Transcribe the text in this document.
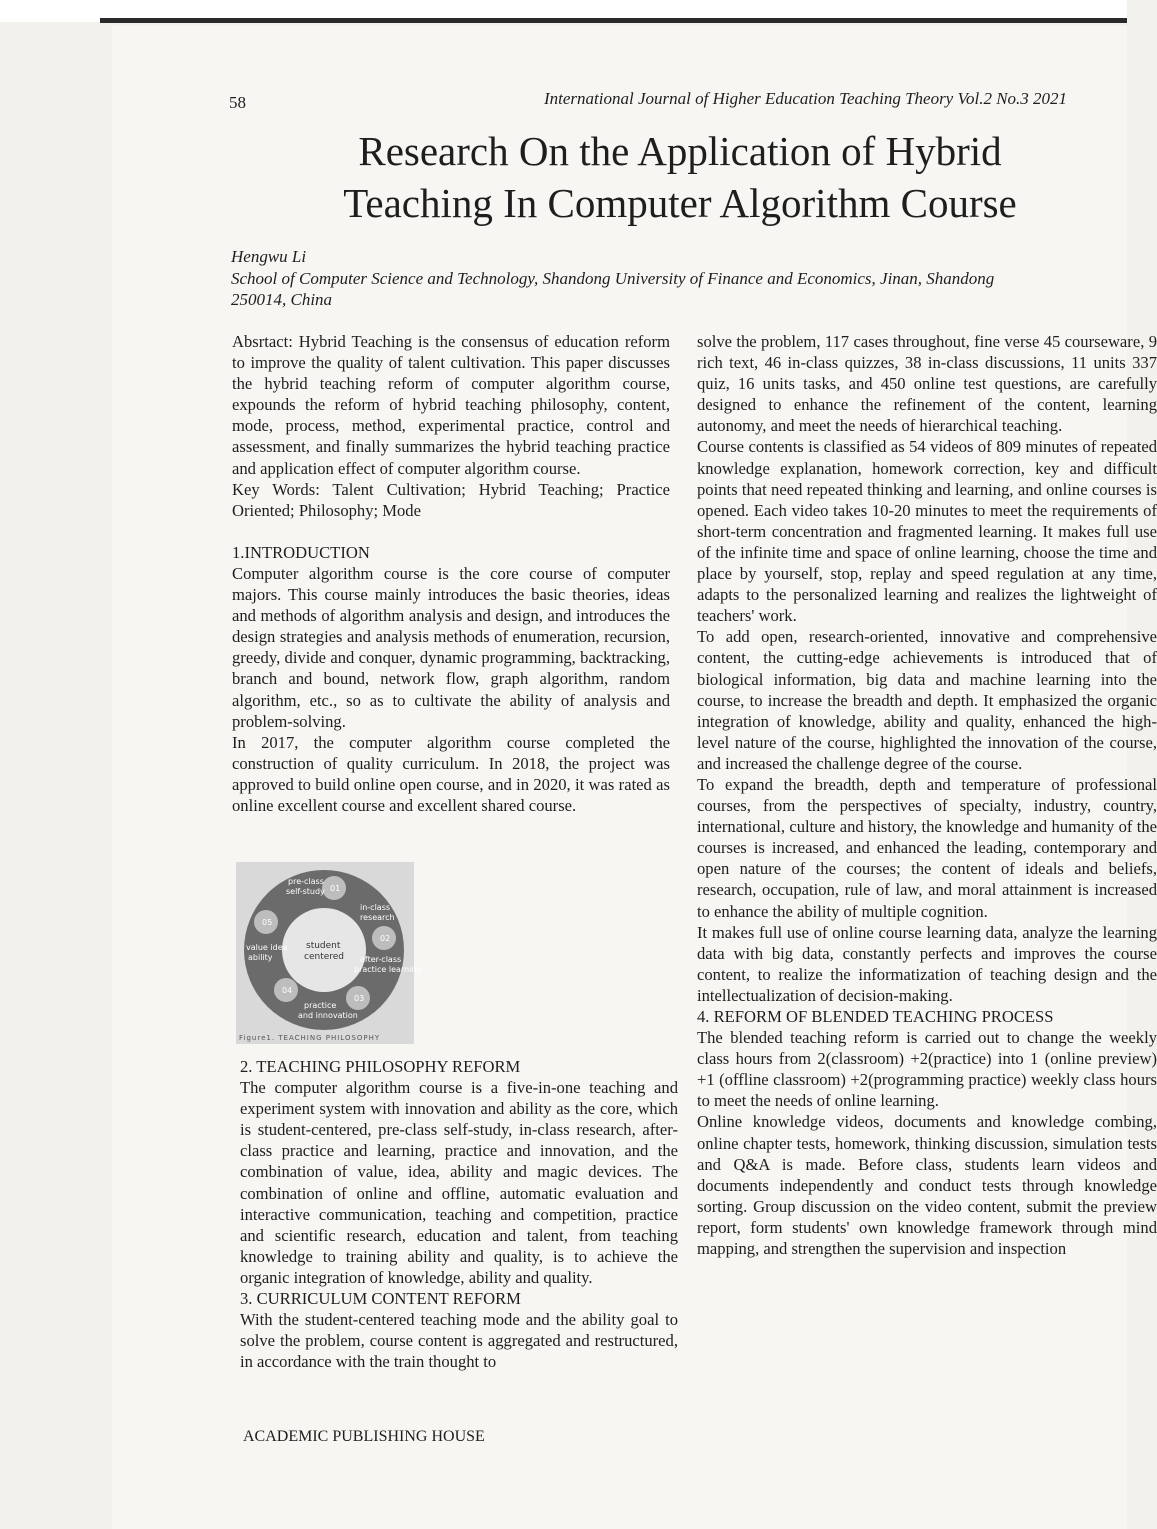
58	International Journal of Higher Education Teaching Theory Vol.2 No.3 2021
Research On the Application of Hybrid
Teaching In Computer Algorithm Course
Hengwu Li
School of Computer Science and Technology, Shandong University of Finance and Economics, Jinan, Shandong
250014, China

Absrtact: Hybrid Teaching is the consensus of education reform to improve the quality of talent cultivation. This paper discusses the hybrid teaching reform of computer algorithm course, expounds the reform of hybrid teaching philosophy, content, mode, process, method, experimental practice, control and assessment, and finally summarizes the hybrid teaching practice and application effect of computer algorithm course.

Key Words: Talent Cultivation; Hybrid Teaching; Practice Oriented; Philosophy; Mode

1.INTRODUCTION

Computer algorithm course is the core course of computer majors. This course mainly introduces the basic theories, ideas and methods of algorithm analysis and design, and introduces the design strategies and analysis methods of enumeration, recursion, greedy, divide and conquer, dynamic programming, backtracking, branch and bound, network flow, graph algorithm, random algorithm, etc., so as to cultivate the ability of analysis and problem-solving.

In 2017, the computer algorithm course completed the construction of quality curriculum. In 2018, the project was approved to build online open course, and in 2020, it was rated as online excellent course and excellent shared course.

01
02
03
04
05
pre-class
self-study
in-class
research
after-class
practice learning
practice
and innovation
value idea
ability
student
centered
Figure1. TEACHING PHILOSOPHY

2. TEACHING PHILOSOPHY REFORM

The computer algorithm course is a five-in-one teaching and experiment system with innovation and ability as the core, which is student-centered, pre-class self-study, in-class research, after-class practice and learning, practice and innovation, and the combination of value, idea, ability and magic devices. The combination of online and offline, automatic evaluation and interactive communication, teaching and competition, practice and scientific research, education and talent, from teaching knowledge to training ability and quality, is to achieve the organic integration of knowledge, ability and quality.

3. CURRICULUM CONTENT REFORM

With the student-centered teaching mode and the ability goal to solve the problem, course content is aggregated and restructured, in accordance with the train thought to

solve the problem, 117 cases throughout, fine verse 45 courseware, 9 rich text, 46 in-class quizzes, 38 in-class discussions, 11 units 337 quiz, 16 units tasks, and 450 online test questions, are carefully designed to enhance the refinement of the content, learning autonomy, and meet the needs of hierarchical teaching.

Course contents is classified as 54 videos of 809 minutes of repeated knowledge explanation, homework correction, key and difficult points that need repeated thinking and learning, and online courses is opened. Each video takes 10-20 minutes to meet the requirements of short-term concentration and fragmented learning. It makes full use of the infinite time and space of online learning, choose the time and place by yourself, stop, replay and speed regulation at any time, adapts to the personalized learning and realizes the lightweight of teachers' work.

To add open, research-oriented, innovative and comprehensive content, the cutting-edge achievements is introduced that of biological information, big data and machine learning into the course, to increase the breadth and depth. It emphasized the organic integration of knowledge, ability and quality, enhanced the high-level nature of the course, highlighted the innovation of the course, and increased the challenge degree of the course.

To expand the breadth, depth and temperature of professional courses, from the perspectives of specialty, industry, country, international, culture and history, the knowledge and humanity of the courses is increased, and enhanced the leading, contemporary and open nature of the courses; the content of ideals and beliefs, research, occupation, rule of law, and moral attainment is increased to enhance the ability of multiple cognition.

It makes full use of online course learning data, analyze the learning data with big data, constantly perfects and improves the course content, to realize the informatization of teaching design and the intellectualization of decision-making.

4. REFORM OF BLENDED TEACHING PROCESS

The blended teaching reform is carried out to change the weekly class hours from 2(classroom) +2(practice) into 1 (online preview) +1 (offline classroom) +2(programming practice) weekly class hours to meet the needs of online learning.

Online knowledge videos, documents and knowledge combing, online chapter tests, homework, thinking discussion, simulation tests and Q&A is made. Before class, students learn videos and documents independently and conduct tests through knowledge sorting. Group discussion on the video content, submit the preview report, form students' own knowledge framework through mind mapping, and strengthen the supervision and inspection

ACADEMIC PUBLISHING HOUSE
